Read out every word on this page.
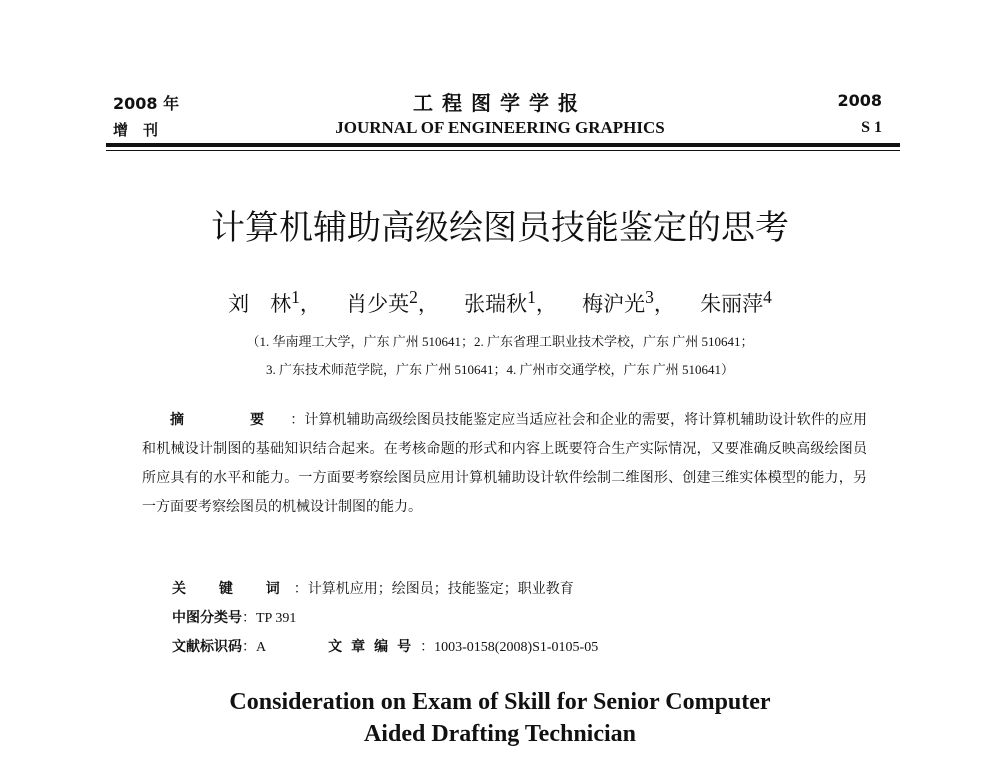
2008 年
增　刊
工程图学学报
JOURNAL OF ENGINEERING GRAPHICS
2008
S 1
计算机辅助高级绘图员技能鉴定的思考
刘　林$^1$， 肖少英$^2$， 张瑞秋$^1$， 梅沪光$^3$， 朱丽萍$^4$
（1. 华南理工大学，广东 广州 510641；2. 广东省理工职业技术学校，广东 广州 510641；
3. 广东技术师范学院，广东 广州 510641；4. 广州市交通学校，广东 广州 510641）
摘　要：计算机辅助高级绘图员技能鉴定应当适应社会和企业的需要，将计算机辅助设计软件的应用和机械设计制图的基础知识结合起来。在考核命题的形式和内容上既要符合生产实际情况，又要准确反映高级绘图员所应具有的水平和能力。一方面要考察绘图员应用计算机辅助设计软件绘制二维图形、创建三维实体模型的能力，另一方面要考察绘图员的机械设计制图的能力。
关 键 词：计算机应用；绘图员；技能鉴定；职业教育
中图分类号：TP 391
文献标识码：A	文章编号：1003-0158(2008)S1-0105-05
Consideration on Exam of Skill for Senior Computer
Aided Drafting Technician
